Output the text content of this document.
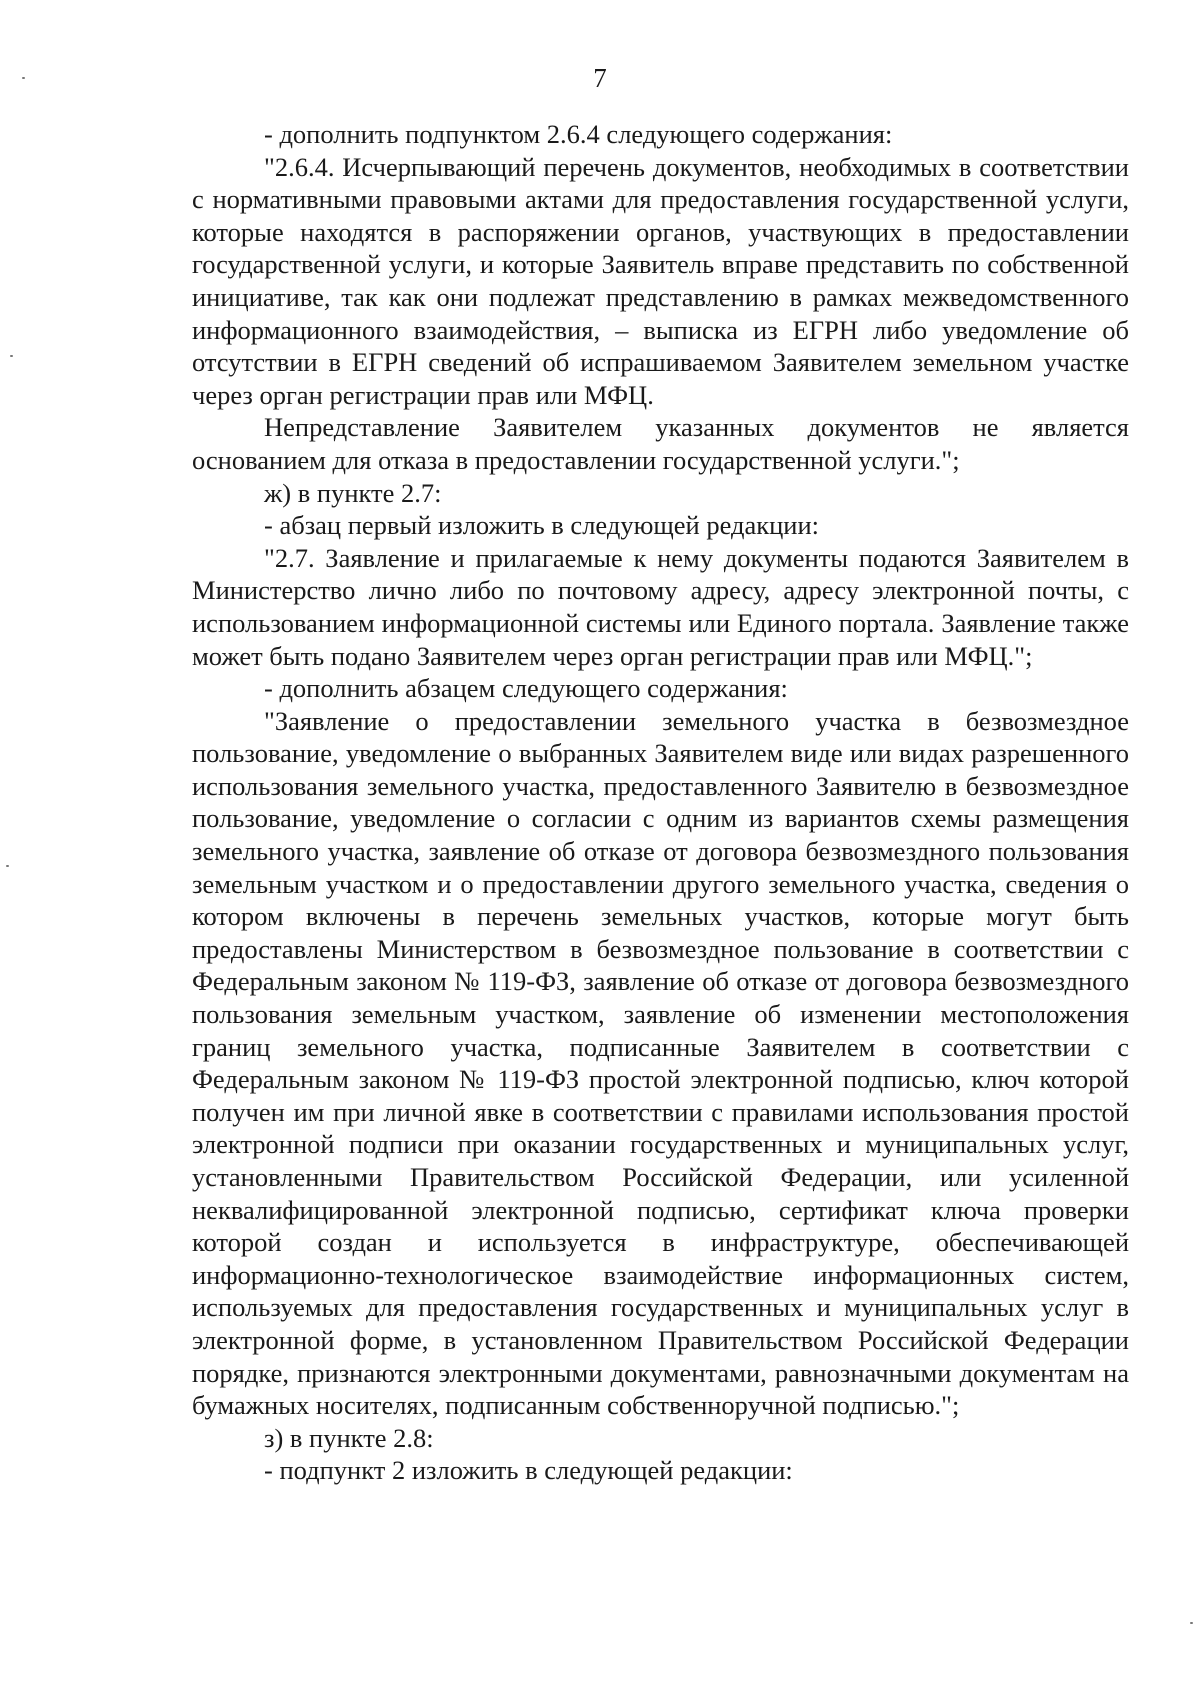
7

- дополнить подпунктом 2.6.4 следующего содержания:

"2.6.4. Исчерпывающий перечень документов, необходимых в соответствии с нормативными правовыми актами для предоставления государственной услуги, которые находятся в распоряжении органов, участвующих в предоставлении государственной услуги, и которые Заявитель вправе представить по собственной инициативе, так как они подлежат представлению в рамках межведомственного информационного взаимодействия, – выписка из ЕГРН либо уведомление об отсутствии в ЕГРН сведений об испрашиваемом Заявителем земельном участке через орган регистрации прав или МФЦ.

Непредставление Заявителем указанных документов не является основанием для отказа в предоставлении государственной услуги.";

ж) в пункте 2.7:

- абзац первый изложить в следующей редакции:

"2.7. Заявление и прилагаемые к нему документы подаются Заявителем в Министерство лично либо по почтовому адресу, адресу электронной почты, с использованием информационной системы или Единого портала. Заявление также может быть подано Заявителем через орган регистрации прав или МФЦ.";

- дополнить абзацем следующего содержания:

"Заявление о предоставлении земельного участка в безвозмездное пользование, уведомление о выбранных Заявителем виде или видах разрешенного использования земельного участка, предоставленного Заявителю в безвозмездное пользование, уведомление о согласии с одним из вариантов схемы размещения земельного участка, заявление об отказе от договора безвозмездного пользования земельным участком и о предоставлении другого земельного участка, сведения о котором включены в перечень земельных участков, которые могут быть предоставлены Министерством в безвозмездное пользование в соответствии с Федеральным законом № 119-ФЗ, заявление об отказе от договора безвозмездного пользования земельным участком, заявление об изменении местоположения границ земельного участка, подписанные Заявителем в соответствии с Федеральным законом № 119-ФЗ простой электронной подписью, ключ которой получен им при личной явке в соответствии с правилами использования простой электронной подписи при оказании государственных и муниципальных услуг, установленными Правительством Российской Федерации, или усиленной неквалифицированной электронной подписью, сертификат ключа проверки которой создан и используется в инфраструктуре, обеспечивающей информационно-технологическое взаимодействие информационных систем, используемых для предоставления государственных и муниципальных услуг в электронной форме, в установленном Правительством Российской Федерации порядке, признаются электронными документами, равнозначными документам на бумажных носителях, подписанным собственноручной подписью.";

з) в пункте 2.8:

- подпункт 2 изложить в следующей редакции:
